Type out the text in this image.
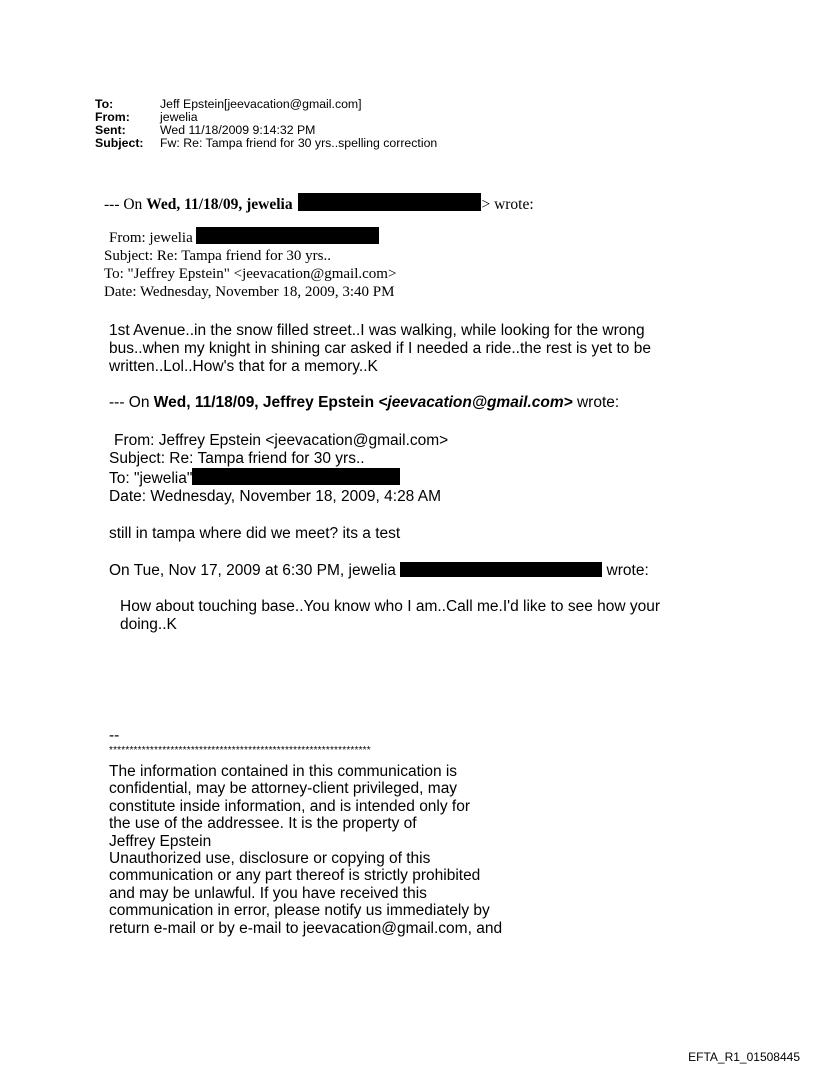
To:	Jeff Epstein[jeevacation@gmail.com]
From: jewelia
Sent:	Wed 11/18/2009 9:14:32 PM
Subject: Fw: Re: Tampa friend for 30 yrs..spelling correction
--- On Wed, 11/18/09, jewelia	> wrote:
From: jewelia
Subject: Re: Tampa friend for 30 yrs..
To: "Jeffrey Epstein" <jeevacation@gmail.com>
Date: Wednesday, November 18, 2009, 3:40 PM
1st Avenue..in the snow filled street..I was walking, while looking for the wrong bus..when my knight in shining car asked if I needed a ride..the rest is yet to be written..Lol..How's that for a memory..K
--- On Wed, 11/18/09, Jeffrey Epstein <jeevacation@gmail.com> wrote:
From: Jeffrey Epstein <jeevacation@gmail.com>
Subject: Re: Tampa friend for 30 yrs..
To: "jewelia"
Date: Wednesday, November 18, 2009, 4:28 AM
still in tampa where did we meet? its a test
On Tue, Nov 17, 2009 at 6:30 PM, jewelia	wrote:
How about touching base..You know who I am..Call me.I'd like to see how your doing..K
--
****************************************************************
The information contained in this communication is
confidential, may be attorney-client privileged, may
constitute inside information, and is intended only for
the use of the addressee. It is the property of
Jeffrey Epstein
Unauthorized use, disclosure or copying of this
communication or any part thereof is strictly prohibited
and may be unlawful. If you have received this
communication in error, please notify us immediately by
return e-mail or by e-mail to jeevacation@gmail.com, and
EFTA_R1_01508445
